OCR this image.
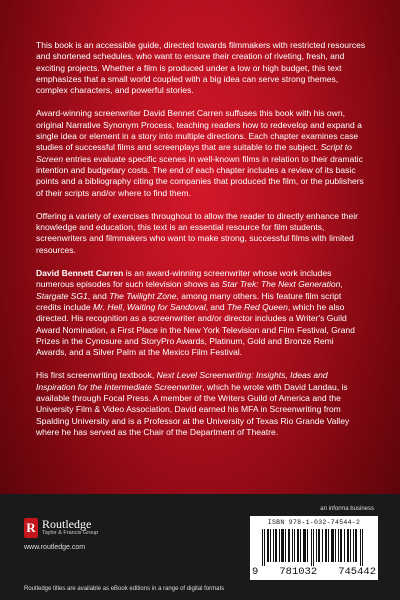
This book is an accessible guide, directed towards filmmakers with restricted resources and shortened schedules, who want to ensure their creation of riveting, fresh, and exciting projects. Whether a film is produced under a low or high budget, this text emphasizes that a small world coupled with a big idea can serve strong themes, complex characters, and powerful stories.

Award-winning screenwriter David Bennet Carren suffuses this book with his own, original Narrative Synonym Process, teaching readers how to redevelop and expand a single idea or element in a story into multiple directions. Each chapter examines case studies of successful films and screenplays that are suitable to the subject. Script to Screen entries evaluate specific scenes in well-known films in relation to their dramatic intention and budgetary costs. The end of each chapter includes a review of its basic points and a bibliography citing the companies that produced the film, or the publishers of their scripts and/or where to find them.

Offering a variety of exercises throughout to allow the reader to directly enhance their knowledge and education, this text is an essential resource for film students, screenwriters and filmmakers who want to make strong, successful films with limited resources.

David Bennett Carren is an award-winning screenwriter whose work includes numerous episodes for such television shows as Star Trek: The Next Generation, Stargate SG1, and The Twilight Zone, among many others. His feature film script credits include Mr. Hell, Waiting for Sandoval, and The Red Queen, which he also directed. His recognition as a screenwriter and/or director includes a Writer's Guild Award Nomination, a First Place in the New York Television and Film Festival, Grand Prizes in the Cynosure and StoryPro Awards, Platinum, Gold and Bronze Remi Awards, and a Silver Palm at the Mexico Film Festival.

His first screenwriting textbook, Next Level Screenwriting: Insights, Ideas and Inspiration for the Intermediate Screenwriter, which he wrote with David Landau, is available through Focal Press. A member of the Writers Guild of America and the University Film & Video Association, David earned his MFA in Screenwriting from Spalding University and is a Professor at the University of Texas Rio Grande Valley where he has served as the Chair of the Department of Theatre.

an informa business
R Routledge
Taylor & Francis Group
www.routledge.com
Routledge titles are available as eBook editions in a range of digital formats
ISBN 978-1-032-74544-2
9 781032 745442
